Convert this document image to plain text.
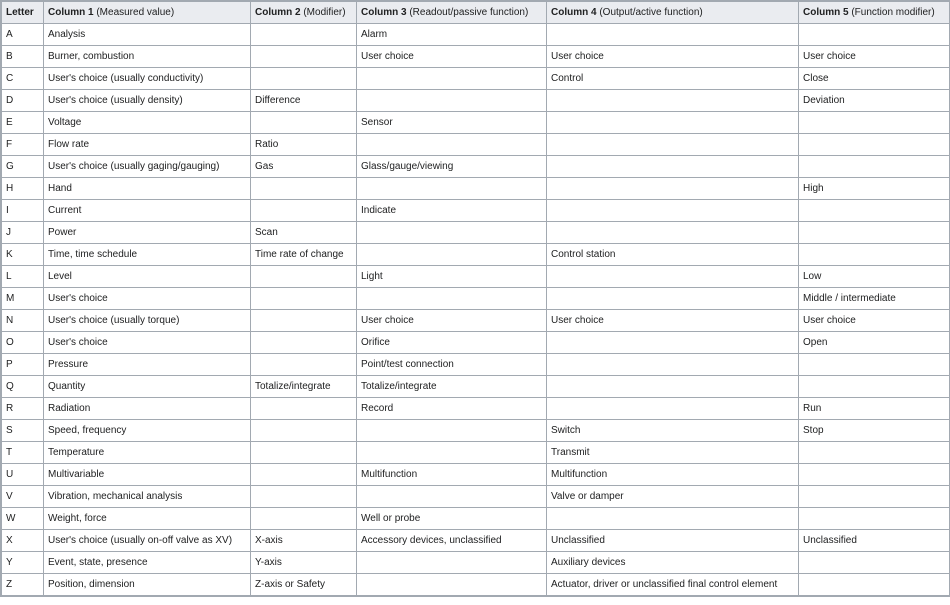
Letter	Column 1 (Measured value)	Column 2 (Modifier)	Column 3 (Readout/passive function)	Column 4 (Output/active function)	Column 5 (Function modifier)
A	Analysis		Alarm		
B	Burner, combustion		User choice	User choice	User choice
C	User's choice (usually conductivity)			Control	Close
D	User's choice (usually density)	Difference			Deviation
E	Voltage		Sensor		
F	Flow rate	Ratio			
G	User's choice (usually gaging/gauging)	Gas	Glass/gauge/viewing		
H	Hand				High
I	Current		Indicate		
J	Power	Scan			
K	Time, time schedule	Time rate of change		Control station	
L	Level		Light		Low
M	User's choice				Middle / intermediate
N	User's choice (usually torque)		User choice	User choice	User choice
O	User's choice		Orifice		Open
P	Pressure		Point/test connection		
Q	Quantity	Totalize/integrate	Totalize/integrate		
R	Radiation		Record		Run
S	Speed, frequency			Switch	Stop
T	Temperature			Transmit	
U	Multivariable		Multifunction	Multifunction	
V	Vibration, mechanical analysis			Valve or damper	
W	Weight, force		Well or probe		
X	User's choice (usually on-off valve as XV)	X-axis	Accessory devices, unclassified	Unclassified	Unclassified
Y	Event, state, presence	Y-axis		Auxiliary devices	
Z	Position, dimension	Z-axis or Safety		Actuator, driver or unclassified final control element	
